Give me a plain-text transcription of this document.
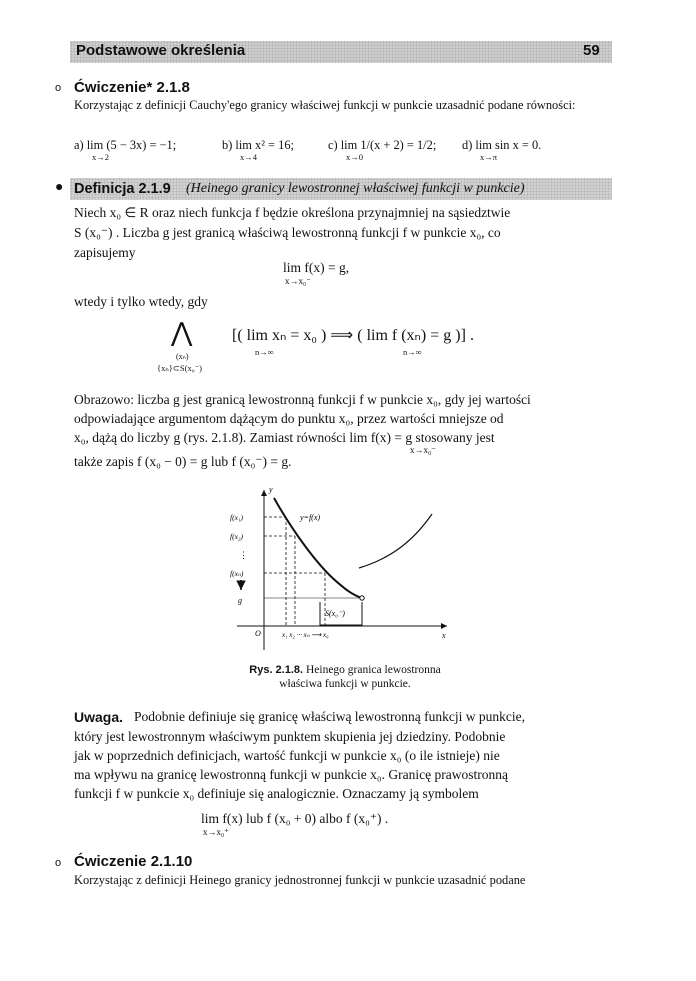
Podstawowe określenia	59
o Ćwiczenie* 2.1.8
Korzystając z definicji Cauchy'ego granicy właściwej funkcji w punkcie uzasadnić podane równości:
a) lim (5 − 3x) = −1;
x→2
b) lim x² = 16;
x→4
c) lim 1/(x + 2) = 1/2;
x→0
d) lim sin x = 0.
x→π
● Definicja 2.1.9 (Heinego granicy lewostronnej właściwej funkcji w punkcie)
Niech x₀ ∈ R oraz niech funkcja f będzie określona przynajmniej na sąsiedztwie
S (x₀⁻) . Liczba g jest granicą właściwą lewostronną funkcji f w punkcie x₀, co
zapisujemy
lim f(x) = g,
x→x₀⁻
wtedy i tylko wtedy, gdy
⋀
(xₙ)
{xₙ}⊂S(x₀⁻)
[( lim xₙ = x₀ ) ⟹ ( lim f (xₙ) = g )] .
n→∞	n→∞
Obrazowo: liczba g jest granicą lewostronną funkcji f w punkcie x₀, gdy jej wartości
odpowiadające argumentom dążącym do punktu x₀, przez wartości mniejsze od
x₀, dążą do liczby g (rys. 2.1.8). Zamiast równości lim f(x) = g stosowany jest
x→x₀⁻
także zapis f (x₀ − 0) = g lub f (x₀⁻) = g.
y
x
O
S(x₀⁻)
f(x₁)
f(x₂)
⋮
f(xₙ)
g
y=f(x)
x₁ x₂ ··· xₙ ⟶ x₀
Rys. 2.1.8. Heinego granica lewostronna
właściwa funkcji w punkcie.
Uwaga. Podobnie definiuje się granicę właściwą lewostronną funkcji w punkcie,
który jest lewostronnym właściwym punktem skupienia jej dziedziny. Podobnie
jak w poprzednich definicjach, wartość funkcji w punkcie x₀ (o ile istnieje) nie
ma wpływu na granicę lewostronną funkcji w punkcie x₀. Granicę prawostronną
funkcji f w punkcie x₀ definiuje się analogicznie. Oznaczamy ją symbolem
lim f(x) lub f (x₀ + 0) albo f (x₀⁺) .
x→x₀⁺
o Ćwiczenie 2.1.10
Korzystając z definicji Heinego granicy jednostronnej funkcji w punkcie uzasadnić podane
